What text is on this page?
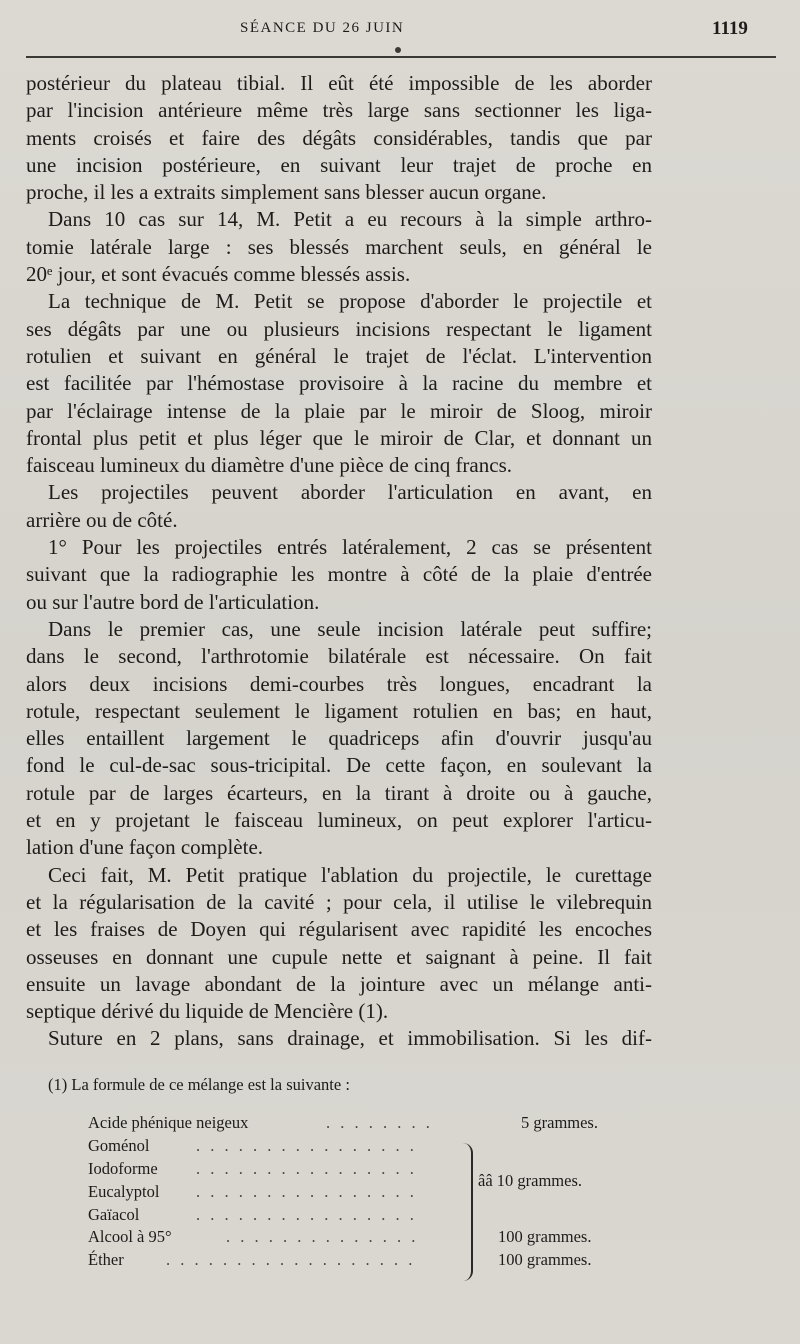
SÉANCE DU 26 JUIN	1119
postérieur du plateau tibial. Il eût été impossible de les aborder
par l'incision antérieure même très large sans sectionner les liga-
ments croisés et faire des dégâts considérables, tandis que par
une incision postérieure, en suivant leur trajet de proche en
proche, il les a extraits simplement sans blesser aucun organe.
Dans 10 cas sur 14, M. Petit a eu recours à la simple arthro-
tomie latérale large : ses blessés marchent seuls, en général le
20ᵉ jour, et sont évacués comme blessés assis.
La technique de M. Petit se propose d'aborder le projectile et
ses dégâts par une ou plusieurs incisions respectant le ligament
rotulien et suivant en général le trajet de l'éclat. L'intervention
est facilitée par l'hémostase provisoire à la racine du membre et
par l'éclairage intense de la plaie par le miroir de Sloog, miroir
frontal plus petit et plus léger que le miroir de Clar, et donnant un
faisceau lumineux du diamètre d'une pièce de cinq francs.
Les projectiles peuvent aborder l'articulation en avant, en
arrière ou de côté.
1° Pour les projectiles entrés latéralement, 2 cas se présentent
suivant que la radiographie les montre à côté de la plaie d'entrée
ou sur l'autre bord de l'articulation.
Dans le premier cas, une seule incision latérale peut suffire;
dans le second, l'arthrotomie bilatérale est nécessaire. On fait
alors deux incisions demi-courbes très longues, encadrant la
rotule, respectant seulement le ligament rotulien en bas; en haut,
elles entaillent largement le quadriceps afin d'ouvrir jusqu'au
fond le cul-de-sac sous-tricipital. De cette façon, en soulevant la
rotule par de larges écarteurs, en la tirant à droite ou à gauche,
et en y projetant le faisceau lumineux, on peut explorer l'articu-
lation d'une façon complète.
Ceci fait, M. Petit pratique l'ablation du projectile, le curettage
et la régularisation de la cavité ; pour cela, il utilise le vilebrequin
et les fraises de Doyen qui régularisent avec rapidité les encoches
osseuses en donnant une cupule nette et saignant à peine. Il fait
ensuite un lavage abondant de la jointure avec un mélange anti-
septique dérivé du liquide de Mencière (1).
Suture en 2 plans, sans drainage, et immobilisation. Si les dif-
(1) La formule de ce mélange est la suivante :
Acide phénique neigeux	. . . . . . . .	5 grammes.
Goménol	. . . . . . . . . . . . . . . .
Iodoforme . . . . . . . . . . . . . . . .
Eucalyptol . . . . . . . . . . . . . . . .
Gaïacol	. . . . . . . . . . . . . . . .
ââ 10 grammes.
Alcool à 95°	. . . . . . . . . . . . . .	100 grammes.
Éther	. . . . . . . . . . . . . . . . . .	100 grammes.
